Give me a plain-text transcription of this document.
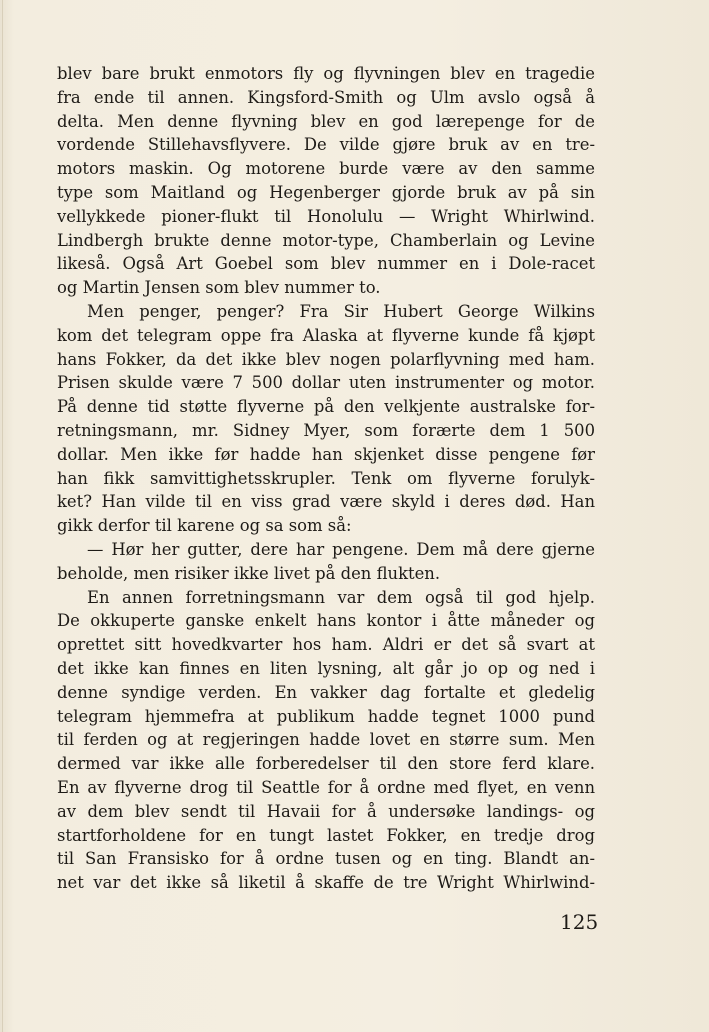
blev bare brukt enmotors fly og flyvningen blev en tragedie
fra ende til annen. Kingsford-Smith og Ulm avslo også å
delta. Men denne flyvning blev en god lærepenge for de
vordende Stillehavsflyvere. De vilde gjøre bruk av en tre-
motors maskin. Og motorene burde være av den samme
type som Maitland og Hegenberger gjorde bruk av på sin
vellykkede pioner-flukt til Honolulu — Wright Whirlwind.
Lindbergh brukte denne motor-type, Chamberlain og Levine
likeså. Også Art Goebel som blev nummer en i Dole-racet
og Martin Jensen som blev nummer to.
Men penger, penger? Fra Sir Hubert George Wilkins
kom det telegram oppe fra Alaska at flyverne kunde få kjøpt
hans Fokker, da det ikke blev nogen polarflyvning med ham.
Prisen skulde være 7 500 dollar uten instrumenter og motor.
På denne tid støtte flyverne på den velkjente australske for-
retningsmann, mr. Sidney Myer, som forærte dem 1 500
dollar. Men ikke før hadde han skjenket disse pengene før
han fikk samvittighetsskrupler. Tenk om flyverne forulyk-
ket? Han vilde til en viss grad være skyld i deres død. Han
gikk derfor til karene og sa som så:
— Hør her gutter, dere har pengene. Dem må dere gjerne
beholde, men risiker ikke livet på den flukten.
En annen forretningsmann var dem også til god hjelp.
De okkuperte ganske enkelt hans kontor i åtte måneder og
oprettet sitt hovedkvarter hos ham. Aldri er det så svart at
det ikke kan finnes en liten lysning, alt går jo op og ned i
denne syndige verden. En vakker dag fortalte et gledelig
telegram hjemmefra at publikum hadde tegnet 1000 pund
til ferden og at regjeringen hadde lovet en større sum. Men
dermed var ikke alle forberedelser til den store ferd klare.
En av flyverne drog til Seattle for å ordne med flyet, en venn
av dem blev sendt til Havaii for å undersøke landings- og
startforholdene for en tungt lastet Fokker, en tredje drog
til San Fransisko for å ordne tusen og en ting. Blandt an-
net var det ikke så liketil å skaffe de tre Wright Whirlwind-
125
